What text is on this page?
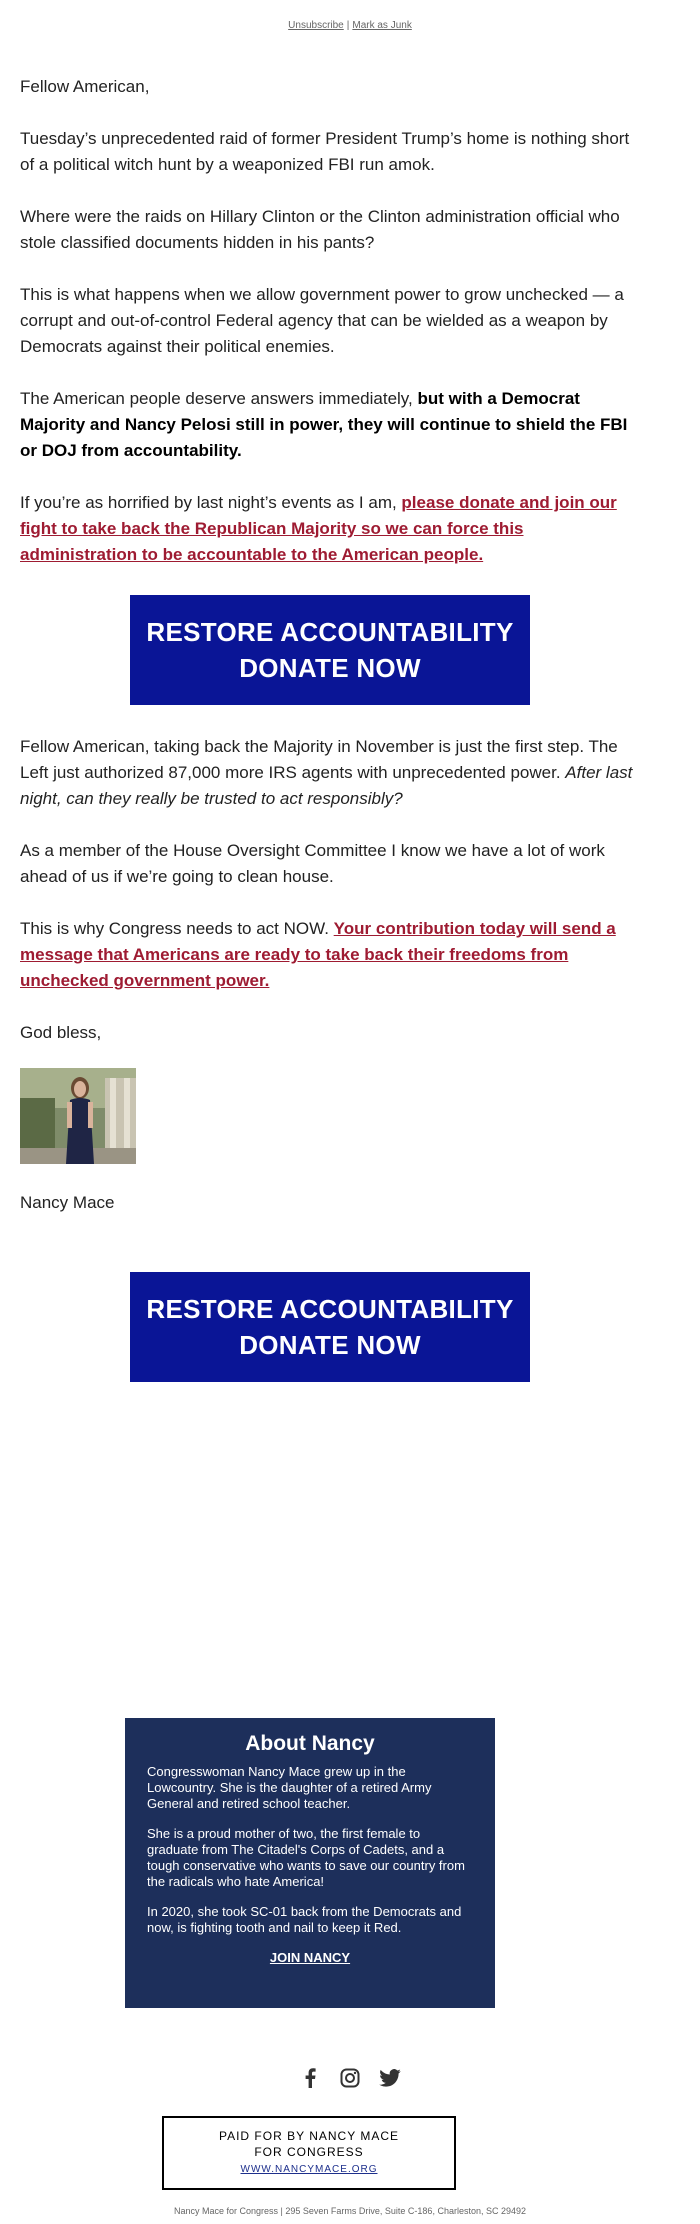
Unsubscribe | Mark as Junk

Fellow American,

Tuesday’s unprecedented raid of former President Trump’s home is nothing short of a political witch hunt by a weaponized FBI run amok.

Where were the raids on Hillary Clinton or the Clinton administration official who stole classified documents hidden in his pants?

This is what happens when we allow government power to grow unchecked — a corrupt and out-of-control Federal agency that can be wielded as a weapon by Democrats against their political enemies.

The American people deserve answers immediately, but with a Democrat Majority and Nancy Pelosi still in power, they will continue to shield the FBI or DOJ from accountability.

If you’re as horrified by last night’s events as I am, please donate and join our fight to take back the Republican Majority so we can force this administration to be accountable to the American people.

RESTORE ACCOUNTABILITY
DONATE NOW

Fellow American, taking back the Majority in November is just the first step. The Left just authorized 87,000 more IRS agents with unprecedented power. After last night, can they really be trusted to act responsibly?

As a member of the House Oversight Committee I know we have a lot of work ahead of us if we’re going to clean house.

This is why Congress needs to act NOW. Your contribution today will send a message that Americans are ready to take back their freedoms from unchecked government power.

God bless,

Nancy Mace

RESTORE ACCOUNTABILITY
DONATE NOW
About Nancy

Congresswoman Nancy Mace grew up in the Lowcountry. She is the daughter of a retired Army General and retired school teacher.

She is a proud mother of two, the first female to graduate from The Citadel's Corps of Cadets, and a tough conservative who wants to save our country from the radicals who hate America!

In 2020, she took SC-01 back from the Democrats and now, is fighting tooth and nail to keep it Red.

JOIN NANCY
PAID FOR BY NANCY MACE
FOR CONGRESS
WWW.NANCYMACE.ORG
Nancy Mace for Congress | 295 Seven Farms Drive, Suite C-186, Charleston, SC 29492
